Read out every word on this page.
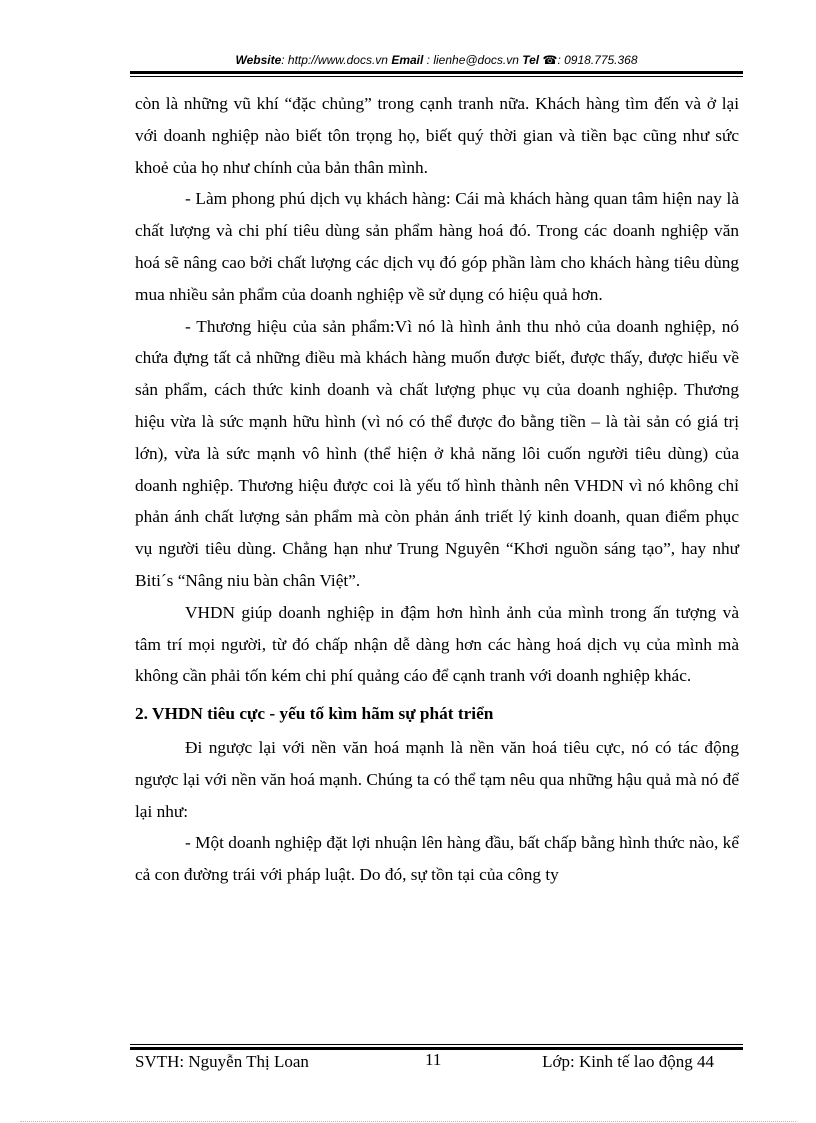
Website: http://www.docs.vn Email : lienhe@docs.vn Tel ☎: 0918.775.368

còn là những vũ khí “đặc chủng” trong cạnh tranh nữa. Khách hàng tìm đến và ở lại với doanh nghiệp nào biết tôn trọng họ, biết quý thời gian và tiền bạc cũng như sức khoẻ của họ như chính của bản thân mình.

- Làm phong phú dịch vụ khách hàng: Cái mà khách hàng quan tâm hiện nay là chất lượng và chi phí tiêu dùng sản phẩm hàng hoá đó. Trong các doanh nghiệp văn hoá sẽ nâng cao bởi chất lượng các dịch vụ đó góp phần làm cho khách hàng tiêu dùng mua nhiều sản phẩm của doanh nghiệp về sử dụng có hiệu quả hơn.

- Thương hiệu của sản phẩm:Vì nó là hình ảnh thu nhỏ của doanh nghiệp, nó chứa đựng tất cả những điều mà khách hàng muốn được biết, được thấy, được hiểu về sản phẩm, cách thức kinh doanh và chất lượng phục vụ của doanh nghiệp. Thương hiệu vừa là sức mạnh hữu hình (vì nó có thể được đo bằng tiền – là tài sản có giá trị lớn), vừa là sức mạnh vô hình (thể hiện ở khả năng lôi cuốn người tiêu dùng) của doanh nghiệp. Thương hiệu được coi là yếu tố hình thành nên VHDN vì nó không chỉ phản ánh chất lượng sản phẩm mà còn phản ánh triết lý kinh doanh, quan điểm phục vụ người tiêu dùng. Chẳng hạn như Trung Nguyên “Khơi nguồn sáng tạo”, hay như Biti´s “Nâng niu bàn chân Việt”.

VHDN giúp doanh nghiệp in đậm hơn hình ảnh của mình trong ấn tượng và tâm trí mọi người, từ đó chấp nhận dễ dàng hơn các hàng hoá dịch vụ của mình mà không cần phải tốn kém chi phí quảng cáo để cạnh tranh với doanh nghiệp khác.

2. VHDN tiêu cực - yếu tố kìm hãm sự phát triển

Đi ngược lại với nền văn hoá mạnh là nền văn hoá tiêu cực, nó có tác động ngược lại với nền văn hoá mạnh. Chúng ta có thể tạm nêu qua những hậu quả mà nó để lại như:

- Một doanh nghiệp đặt lợi nhuận lên hàng đầu, bất chấp bằng hình thức nào, kể cả con đường trái với pháp luật. Do đó, sự tồn tại của công ty

SVTH: Nguyễn Thị Loan	11	Lớp: Kinh tế lao động 44
